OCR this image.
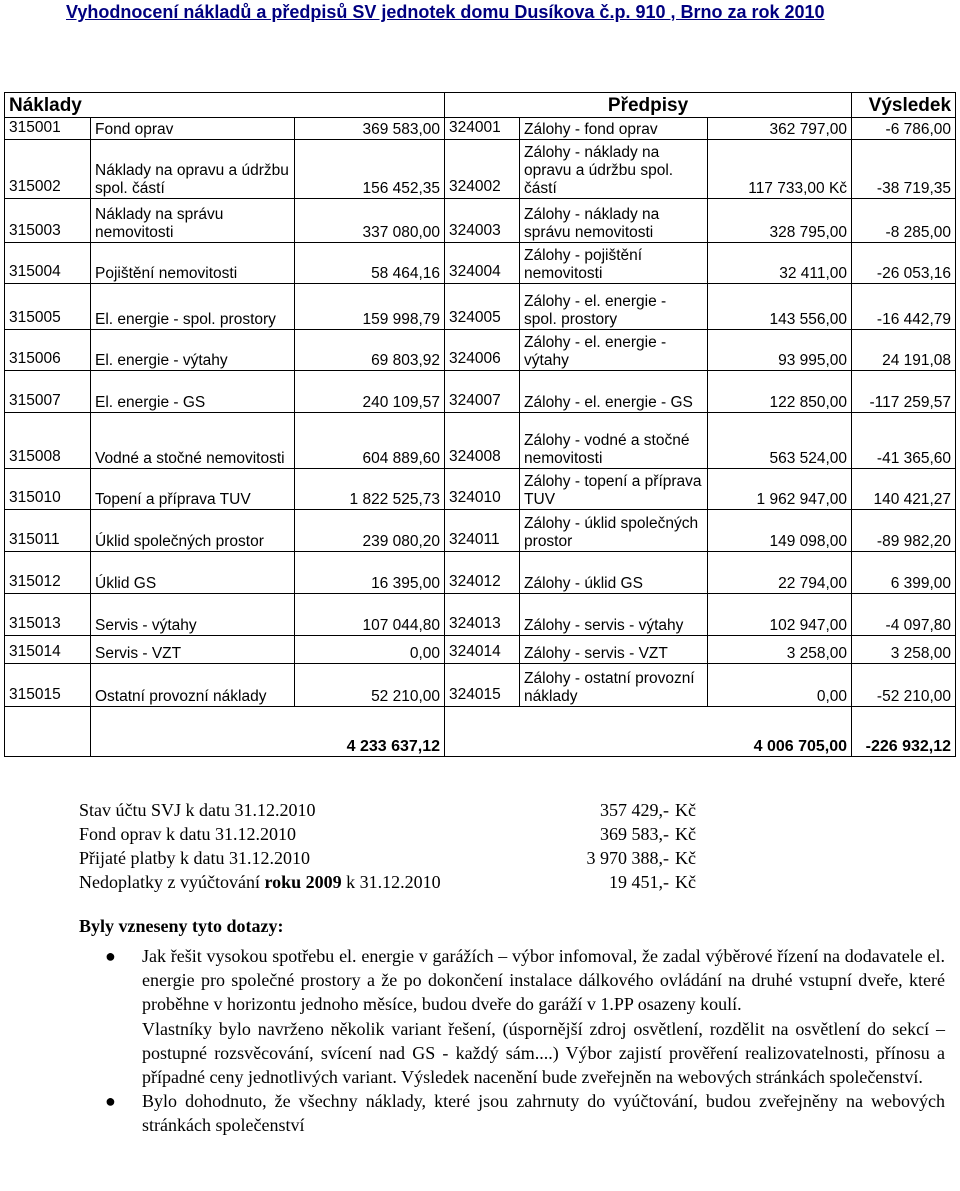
Vyhodnocení nákladů a předpisů SV jednotek domu Dusíkova č.p. 910 , Brno za rok 2010
Náklady			Předpisy			Výsledek
315001	Fond oprav	369 583,00	324001	Zálohy - fond oprav	362 797,00	-6 786,00
315002	Náklady na opravu a údržbu spol. částí	156 452,35	324002	Zálohy - náklady na opravu a údržbu spol. částí	117 733,00 Kč	-38 719,35
315003	Náklady na správu nemovitosti	337 080,00	324003	Zálohy - náklady na správu nemovitosti	328 795,00	-8 285,00
315004	Pojištění nemovitosti	58 464,16	324004	Zálohy - pojištění nemovitosti	32 411,00	-26 053,16
315005	El. energie - spol. prostory	159 998,79	324005	Zálohy - el. energie - spol. prostory	143 556,00	-16 442,79
315006	El. energie - výtahy	69 803,92	324006	Zálohy - el. energie - výtahy	93 995,00	24 191,08
315007	El. energie - GS	240 109,57	324007	Zálohy - el. energie - GS	122 850,00	-117 259,57
315008	Vodné a stočné nemovitosti	604 889,60	324008	Zálohy - vodné a stočné nemovitosti	563 524,00	-41 365,60
315010	Topení a příprava TUV	1 822 525,73	324010	Zálohy - topení a příprava TUV	1 962 947,00	140 421,27
315011	Úklid společných prostor	239 080,20	324011	Zálohy - úklid společných prostor	149 098,00	-89 982,20
315012	Úklid GS	16 395,00	324012	Zálohy - úklid GS	22 794,00	6 399,00
315013	Servis - výtahy	107 044,80	324013	Zálohy - servis - výtahy	102 947,00	-4 097,80
315014	Servis - VZT	0,00	324014	Zálohy - servis - VZT	3 258,00	3 258,00
315015	Ostatní provozní náklady	52 210,00	324015	Zálohy - ostatní provozní náklady	0,00	-52 210,00
	4 233 637,12		4 006 705,00			-226 932,12
Stav účtu SVJ k datu 31.12.2010	357 429,- Kč
Fond oprav k datu 31.12.2010	369 583,- Kč
Přijaté platby k datu 31.12.2010	3 970 388,- Kč
Nedoplatky z vyúčtování roku 2009 k 31.12.2010	19 451,- Kč
Byly vzneseny tyto dotazy:
● Jak řešit vysokou spotřebu el. energie v garážích – výbor infomoval, že zadal výběrové řízení na dodavatele el. energie pro společné prostory a že po dokončení instalace dálkového ovládání na druhé vstupní dveře, které proběhne v horizontu jednoho měsíce, budou dveře do garáží v 1.PP osazeny koulí.
Vlastníky bylo navrženo několik variant řešení, (úspornější zdroj osvětlení, rozdělit na osvětlení do sekcí – postupné rozsvěcování, svícení nad GS - každý sám....) Výbor zajistí prověření realizovatelnosti, přínosu a případné ceny jednotlivých variant. Výsledek nacenění bude zveřejněn na webových stránkách společenství.
● Bylo dohodnuto, že všechny náklady, které jsou zahrnuty do vyúčtování, budou zveřejněny na webových stránkách společenství
